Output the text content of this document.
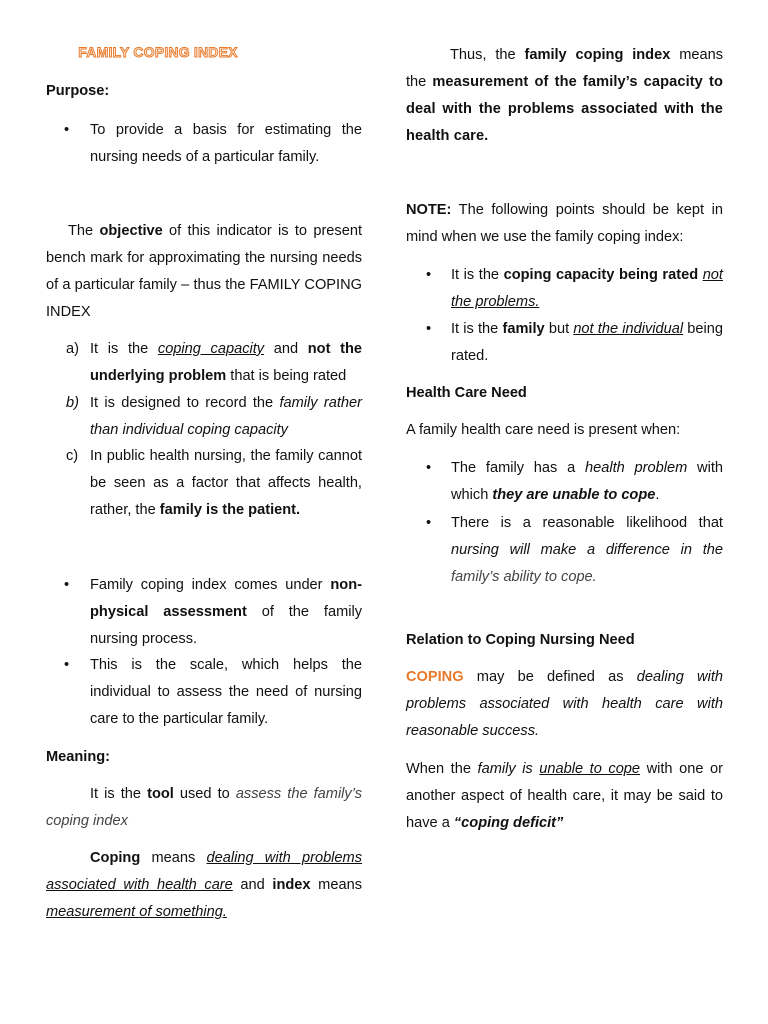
FAMILY COPING INDEX
Purpose:
•	To provide a basis for estimating the nursing needs of a particular family.
The objective of this indicator is to present bench mark for approximating the nursing needs of a particular family – thus the FAMILY COPING INDEX
a) It is the coping capacity and not the underlying problem that is being rated
b) It is designed to record the family rather than individual coping capacity
c) In public health nursing, the family cannot be seen as a factor that affects health, rather, the family is the patient.
•	Family coping index comes under non-physical assessment of the family nursing process.
•	This is the scale, which helps the individual to assess the need of nursing care to the particular family.
Meaning:
It is the tool used to assess the family’s coping index
Coping means dealing with problems associated with health care and index means measurement of something.
Thus, the family coping index means the measurement of the family’s capacity to deal with the problems associated with the health care.
NOTE: The following points should be kept in mind when we use the family coping index:
•	It is the coping capacity being rated not the problems.
•	It is the family but not the individual being rated.
Health Care Need
A family health care need is present when:
•	The family has a health problem with which they are unable to cope.
•	There is a reasonable likelihood that nursing will make a difference in the family’s ability to cope.
Relation to Coping Nursing Need
COPING may be defined as dealing with problems associated with health care with reasonable success.
When the family is unable to cope with one or another aspect of health care, it may be said to have a “coping deficit”
